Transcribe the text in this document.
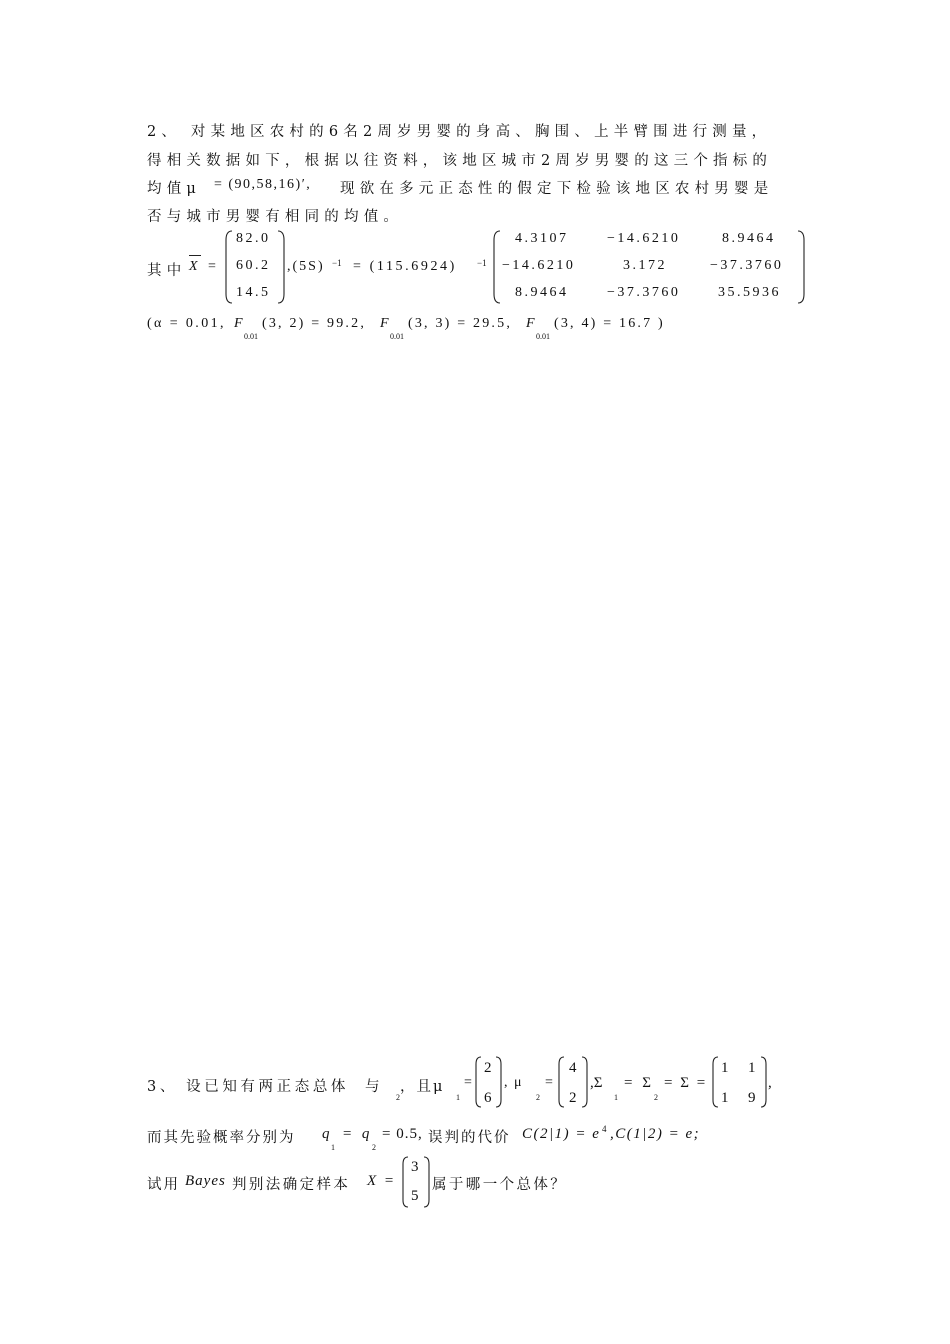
2、 对某地区农村的6名2周岁男婴的身高、胸围、上半臂围进行测量，
得相关数据如下，根据以往资料，该地区城市2周岁男婴的这三个指标的
均值μ = (90,58,16)′, 现欲在多元正态性的假定下检验该地区农村男婴是
否与城市男婴有相同的均值。
其中 X =
82.0
60.2
14.5
,(5S) −1 = (115.6924) −1
4.3107	−14.6210	8.9464
−14.6210	3.172	−37.3760
8.9464	−37.3760	35.5936
(α = 0.01, F
0.01
(3, 2) = 99.2, F
0.01
(3, 3) = 29.5, F
0.01
(3, 4) = 16.7 )
3、 设已知有两正态总体 与
2
，且μ
1
=
2
6
, μ
2
=
4
2
,Σ
1
= Σ
2
= Σ =
1 1
1 9
,
而其先验概率分别为 q
1
= q
2
= 0.5, 误判的代价 C(2|1) = e 4 ,C(1|2) = e;
试用 Bayes 判别法确定样本 X =
3
5
属于哪一个总体？
